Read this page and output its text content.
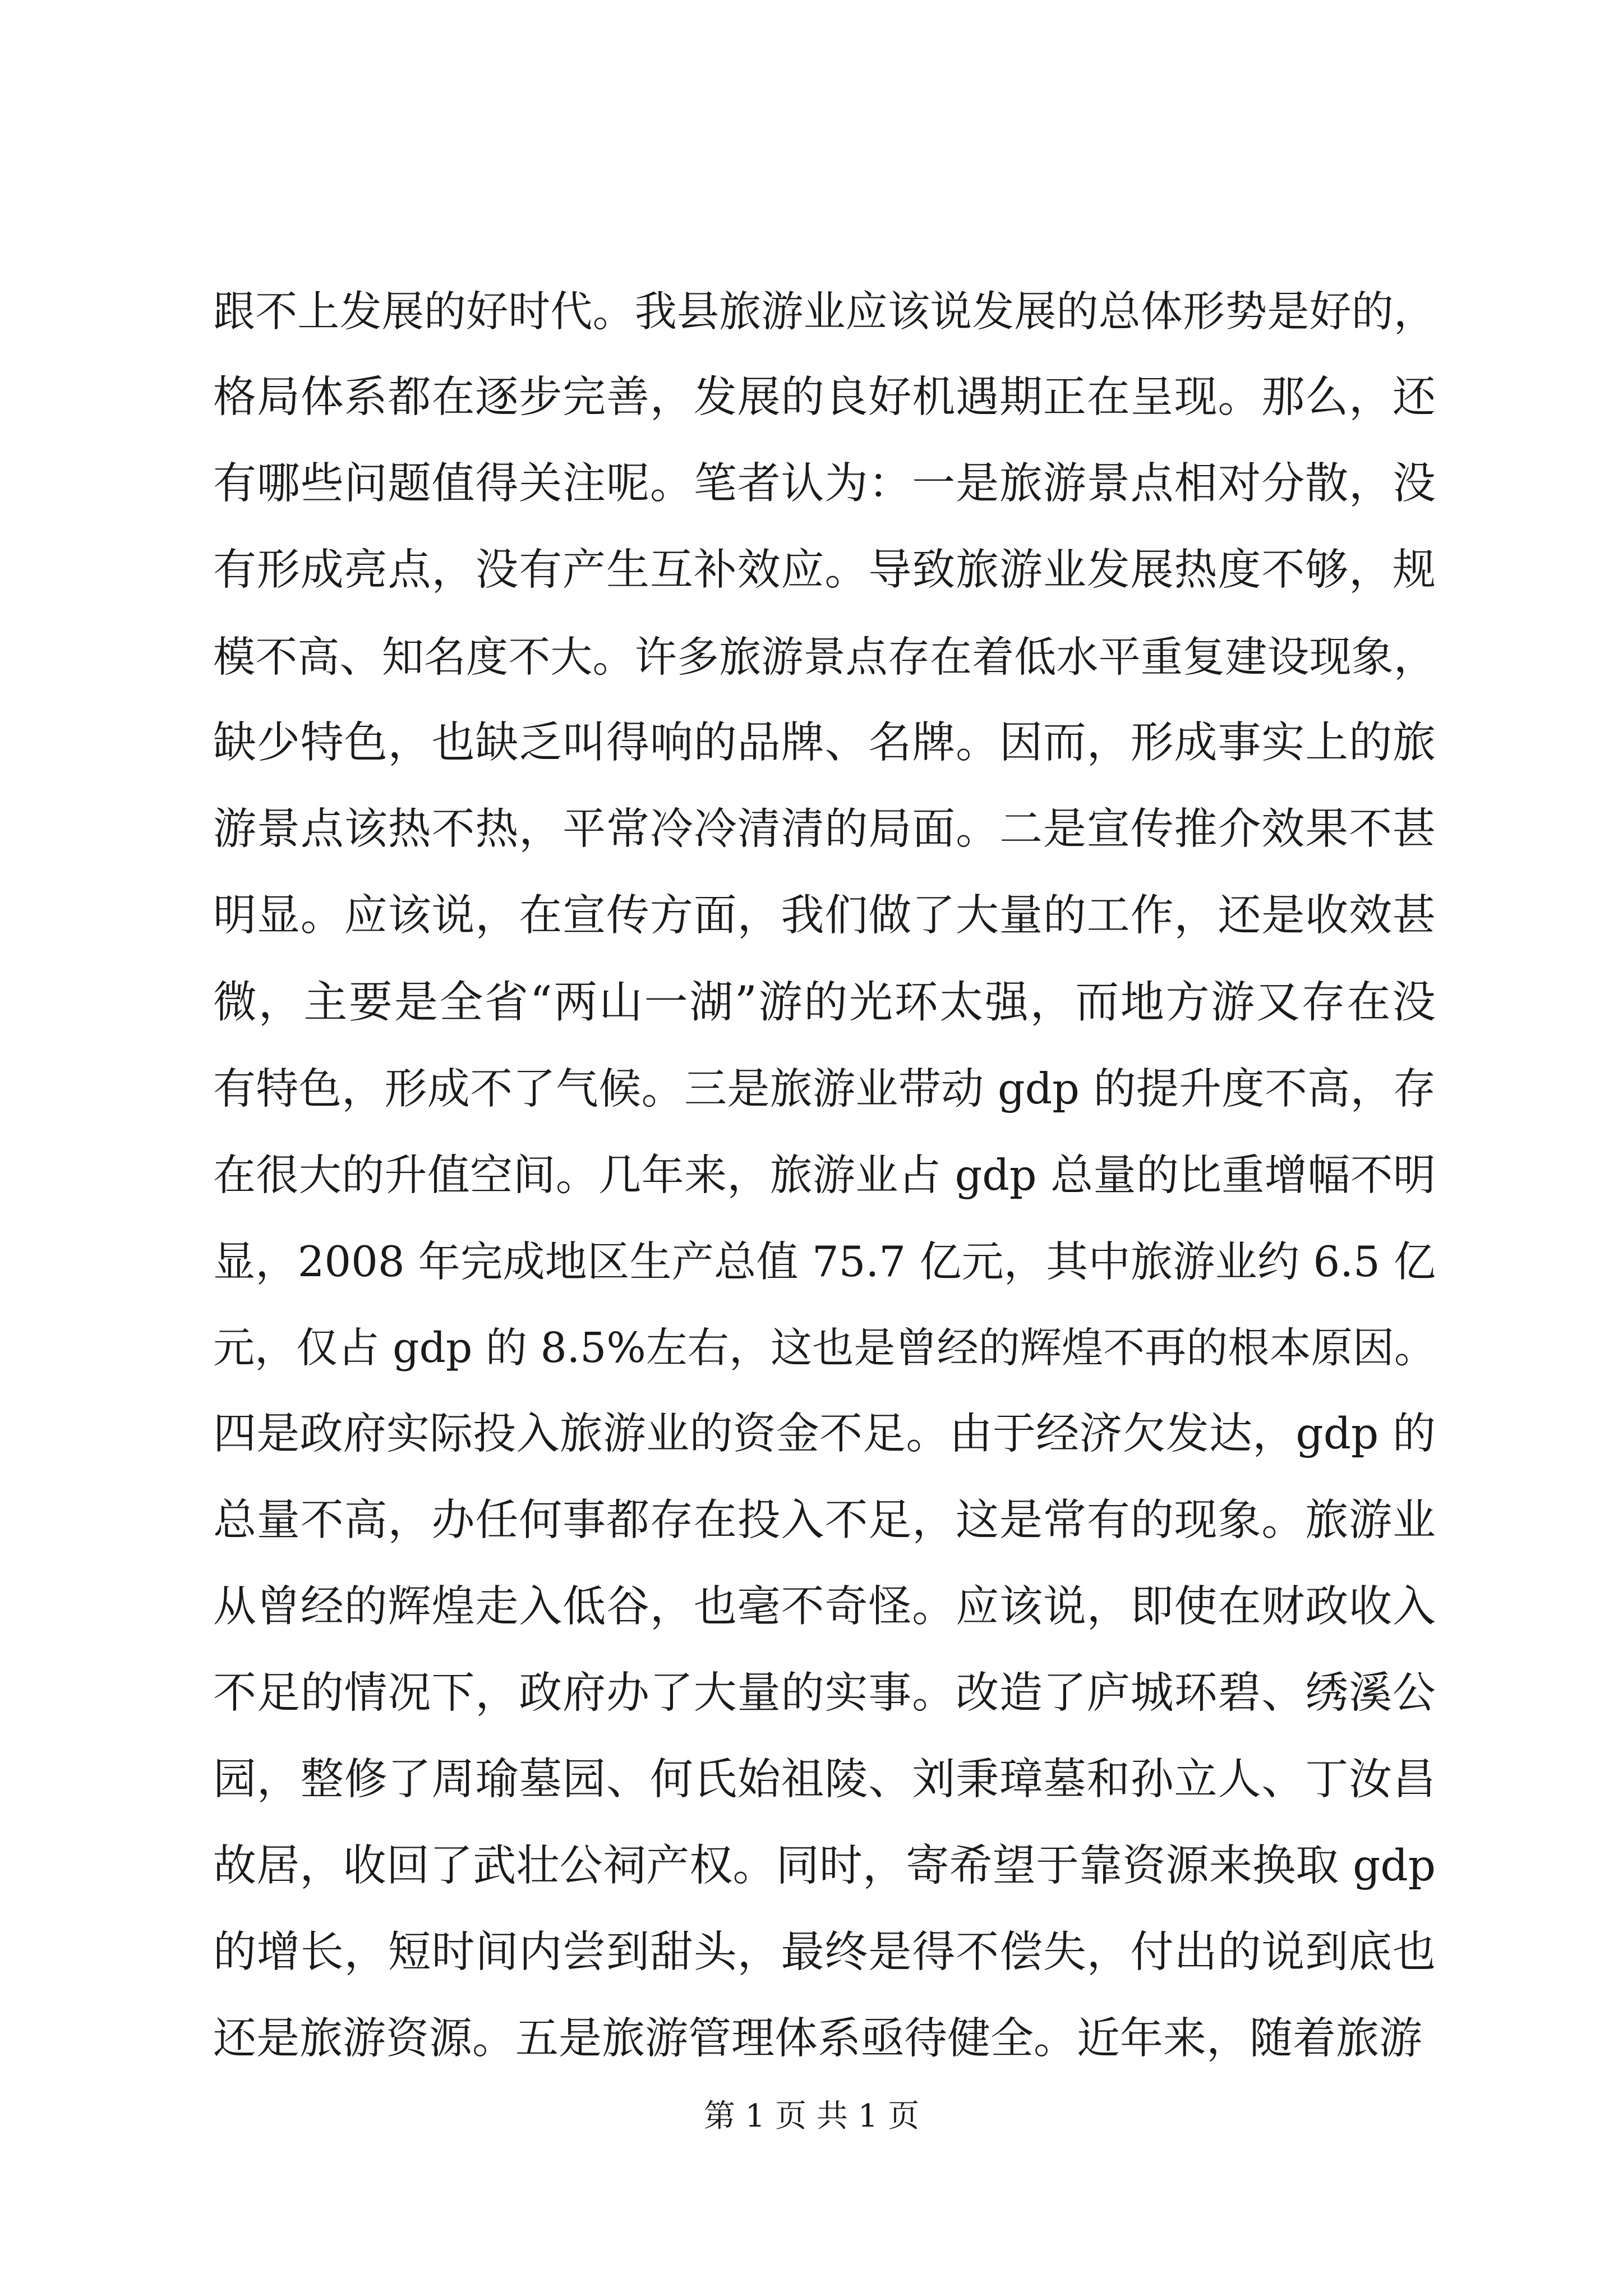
跟不上发展的好时代。我县旅游业应该说发展的总体形势是好的，
格局体系都在逐步完善，发展的良好机遇期正在呈现。那么，还
有哪些问题值得关注呢。笔者认为：一是旅游景点相对分散，没
有形成亮点，没有产生互补效应。导致旅游业发展热度不够，规
模不高、知名度不大。许多旅游景点存在着低水平重复建设现象，
缺少特色，也缺乏叫得响的品牌、名牌。因而，形成事实上的旅
游景点该热不热，平常冷冷清清的局面。二是宣传推介效果不甚
明显。应该说，在宣传方面，我们做了大量的工作，还是收效甚
微，主要是全省“两山一湖”游的光环太强，而地方游又存在没
有特色，形成不了气候。三是旅游业带动 gdp 的提升度不高，存
在很大的升值空间。几年来，旅游业占 gdp 总量的比重增幅不明
显，2008 年完成地区生产总值 75.7 亿元，其中旅游业约 6.5 亿
元，仅占 gdp 的 8.5%左右，这也是曾经的辉煌不再的根本原因。
四是政府实际投入旅游业的资金不足。由于经济欠发达，gdp 的
总量不高，办任何事都存在投入不足，这是常有的现象。旅游业
从曾经的辉煌走入低谷，也毫不奇怪。应该说，即使在财政收入
不足的情况下，政府办了大量的实事。改造了庐城环碧、绣溪公
园，整修了周瑜墓园、何氏始祖陵、刘秉璋墓和孙立人、丁汝昌
故居，收回了武壮公祠产权。同时，寄希望于靠资源来换取 gdp
的增长，短时间内尝到甜头，最终是得不偿失，付出的说到底也
还是旅游资源。五是旅游管理体系亟待健全。近年来，随着旅游
第 1 页 共 1 页
